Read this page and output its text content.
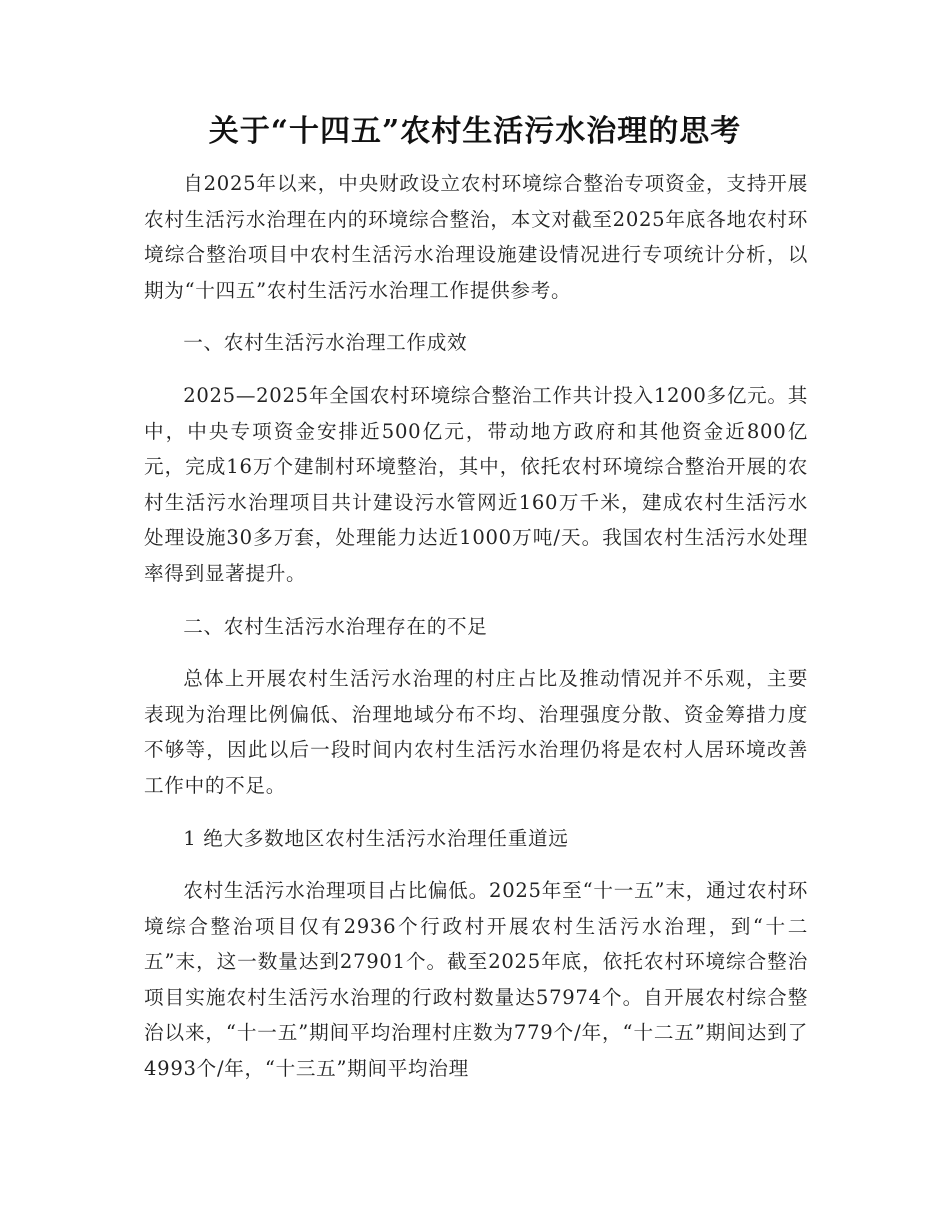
关于“十四五”农村生活污水治理的思考

自2025年以来，中央财政设立农村环境综合整治专项资金，支持开展农村生活污水治理在内的环境综合整治，本文对截至2025年底各地农村环境综合整治项目中农村生活污水治理设施建设情况进行专项统计分析，以期为“十四五”农村生活污水治理工作提供参考。

一、农村生活污水治理工作成效

2025—2025年全国农村环境综合整治工作共计投入1200多亿元。其中，中央专项资金安排近500亿元，带动地方政府和其他资金近800亿元，完成16万个建制村环境整治，其中，依托农村环境综合整治开展的农村生活污水治理项目共计建设污水管网近160万千米，建成农村生活污水处理设施30多万套，处理能力达近1000万吨/天。我国农村生活污水处理率得到显著提升。

二、农村生活污水治理存在的不足

总体上开展农村生活污水治理的村庄占比及推动情况并不乐观，主要表现为治理比例偏低、治理地域分布不均、治理强度分散、资金筹措力度不够等，因此以后一段时间内农村生活污水治理仍将是农村人居环境改善工作中的不足。

1 绝大多数地区农村生活污水治理任重道远

农村生活污水治理项目占比偏低。2025年至“十一五”末，通过农村环境综合整治项目仅有2936个行政村开展农村生活污水治理，到“十二五”末，这一数量达到27901个。截至2025年底，依托农村环境综合整治项目实施农村生活污水治理的行政村数量达57974个。自开展农村综合整治以来，“十一五”期间平均治理村庄数为779个/年，“十二五”期间达到了4993个/年，“十三五”期间平均治理
